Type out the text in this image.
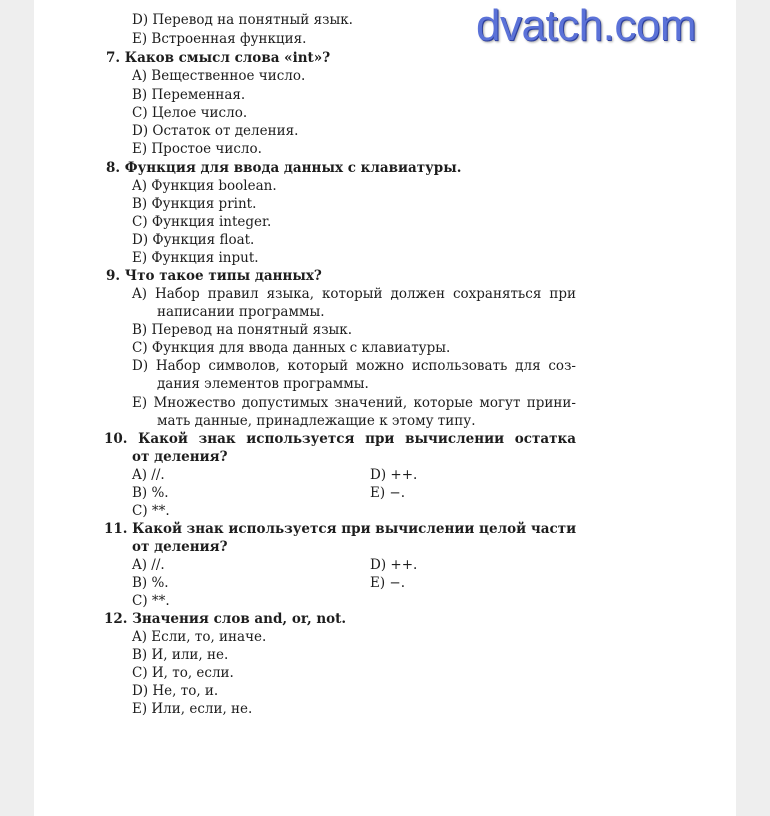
D) Перевод на понятный язык.
E) Встроенная функция.
7. Каков смысл слова «int»?
A) Вещественное число.
B) Переменная.
C) Целое число.
D) Остаток от деления.
E) Простое число.
8. Функция для ввода данных с клавиатуры.
A) Функция boolean.
B) Функция print.
C) Функция integer.
D) Функция float.
E) Функция input.
9. Что такое типы данных?
A) Набор правил языка, который должен сохраняться при
написании программы.
B) Перевод на понятный язык.
C) Функция для ввода данных с клавиатуры.
D) Набор символов, который можно использовать для соз-
дания элементов программы.
E) Множество допустимых значений, которые могут прини-
мать данные, принадлежащие к этому типу.
10. Какой знак используется при вычислении остатка
от деления?
A) //.	D) ++.
B) %.	E) −.
C) **.
11. Какой знак используется при вычислении целой части
от деления?
A) //.	D) ++.
B) %.	E) −.
C) **.
12. Значения слов and, or, not.
A) Если, то, иначе.
B) И, или, не.
C) И, то, если.
D) Не, то, и.
E) Или, если, не.
dvatch.com
